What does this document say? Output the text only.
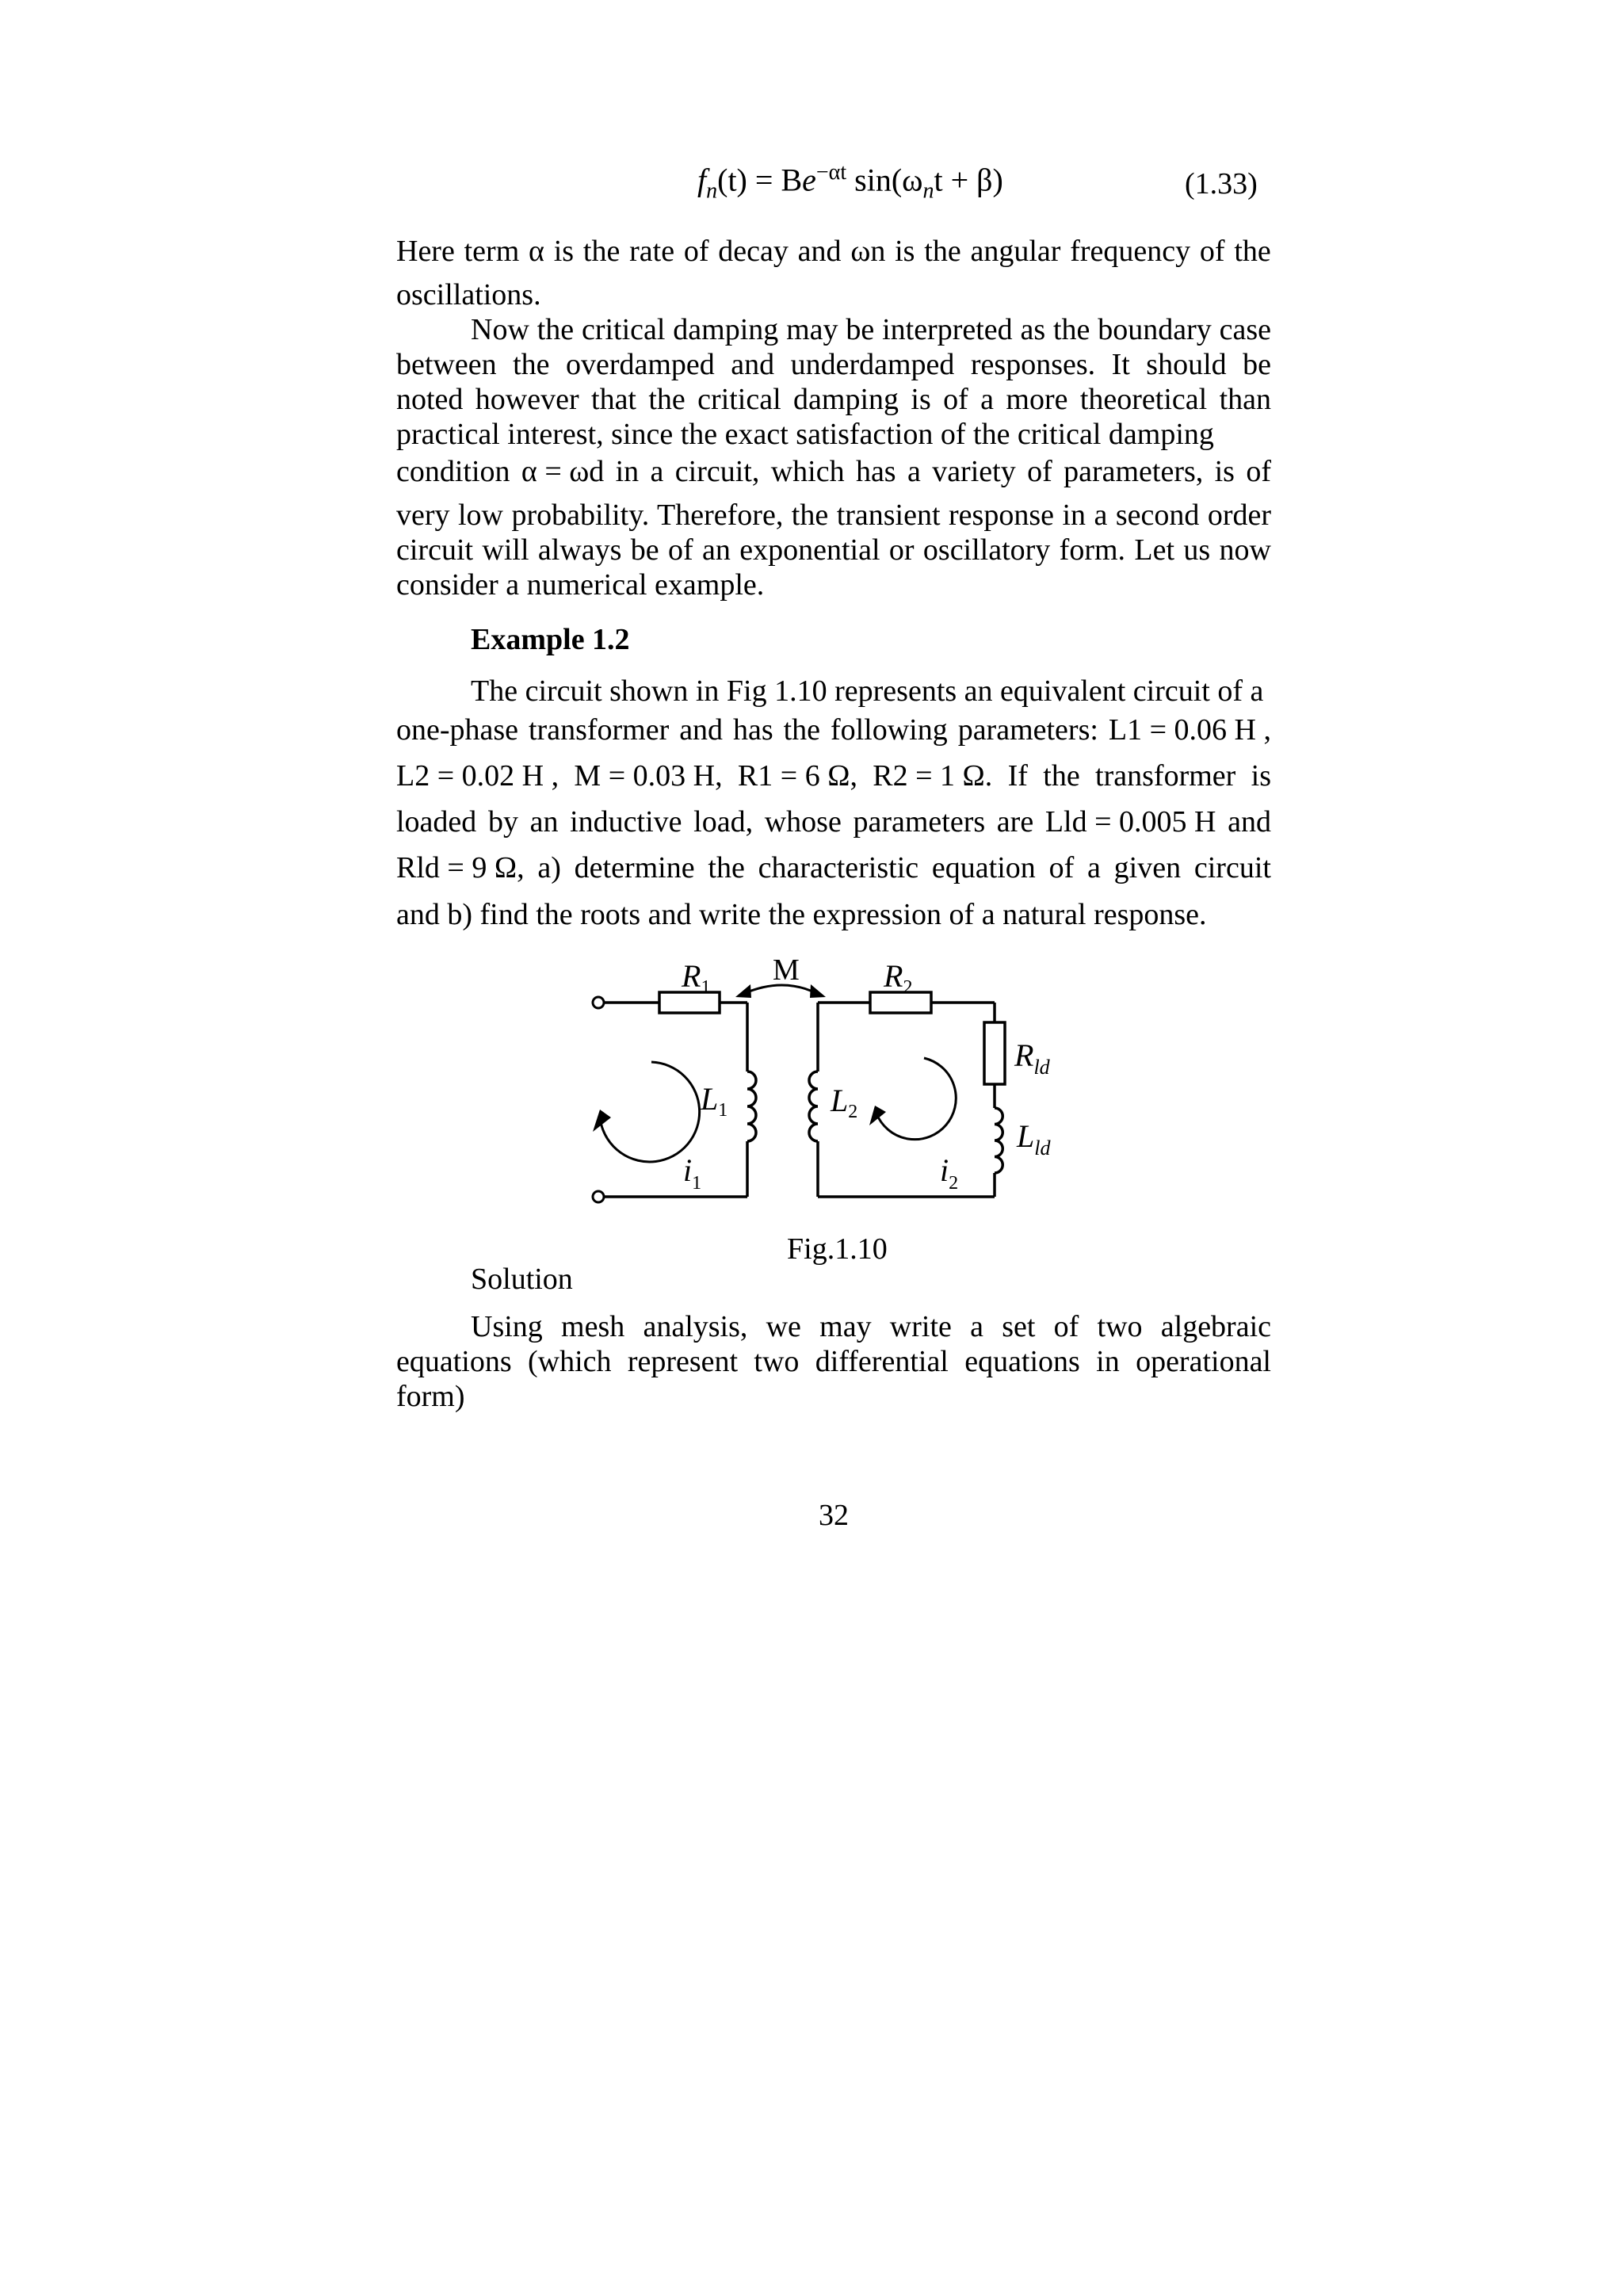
$f_n(t) = Be^{-\alpha t}$ $\sin(\omega_nt + \beta)$	(1.33)
Here term α is the rate of decay and ωn is the angular frequency of the
oscillations.
Now the critical damping may be interpreted as the boundary case between the overdamped and underdamped responses. It should be noted however that the critical damping is of a more theoretical than practical interest, since the exact satisfaction of the critical damping
condition α = ωd in a circuit, which has a variety of parameters, is of
very low probability. Therefore, the transient response in a second order circuit will always be of an exponential or oscillatory form. Let us now consider a numerical example.
Example 1.2
The circuit shown in Fig 1.10 represents an equivalent circuit of a
one-phase transformer and has the following parameters: L1 = 0.06 H ,
L2 = 0.02 H , M = 0.03 H, R1 = 6 Ω, R2 = 1 Ω. If the transformer is
loaded by an inductive load, whose parameters are Lld = 0.005 H and
Rld = 9 Ω, a) determine the characteristic equation of a given circuit
and b) find the roots and write the expression of a natural response.
$R_1$
M	$R_2$
$R_{ld}$
$L_1$	$L_2$
$L_{ld}$
$i_1$	$i_2$
Fig.1.10
Solution
Using mesh analysis, we may write a set of two algebraic equations (which represent two differential equations in operational form)
32
